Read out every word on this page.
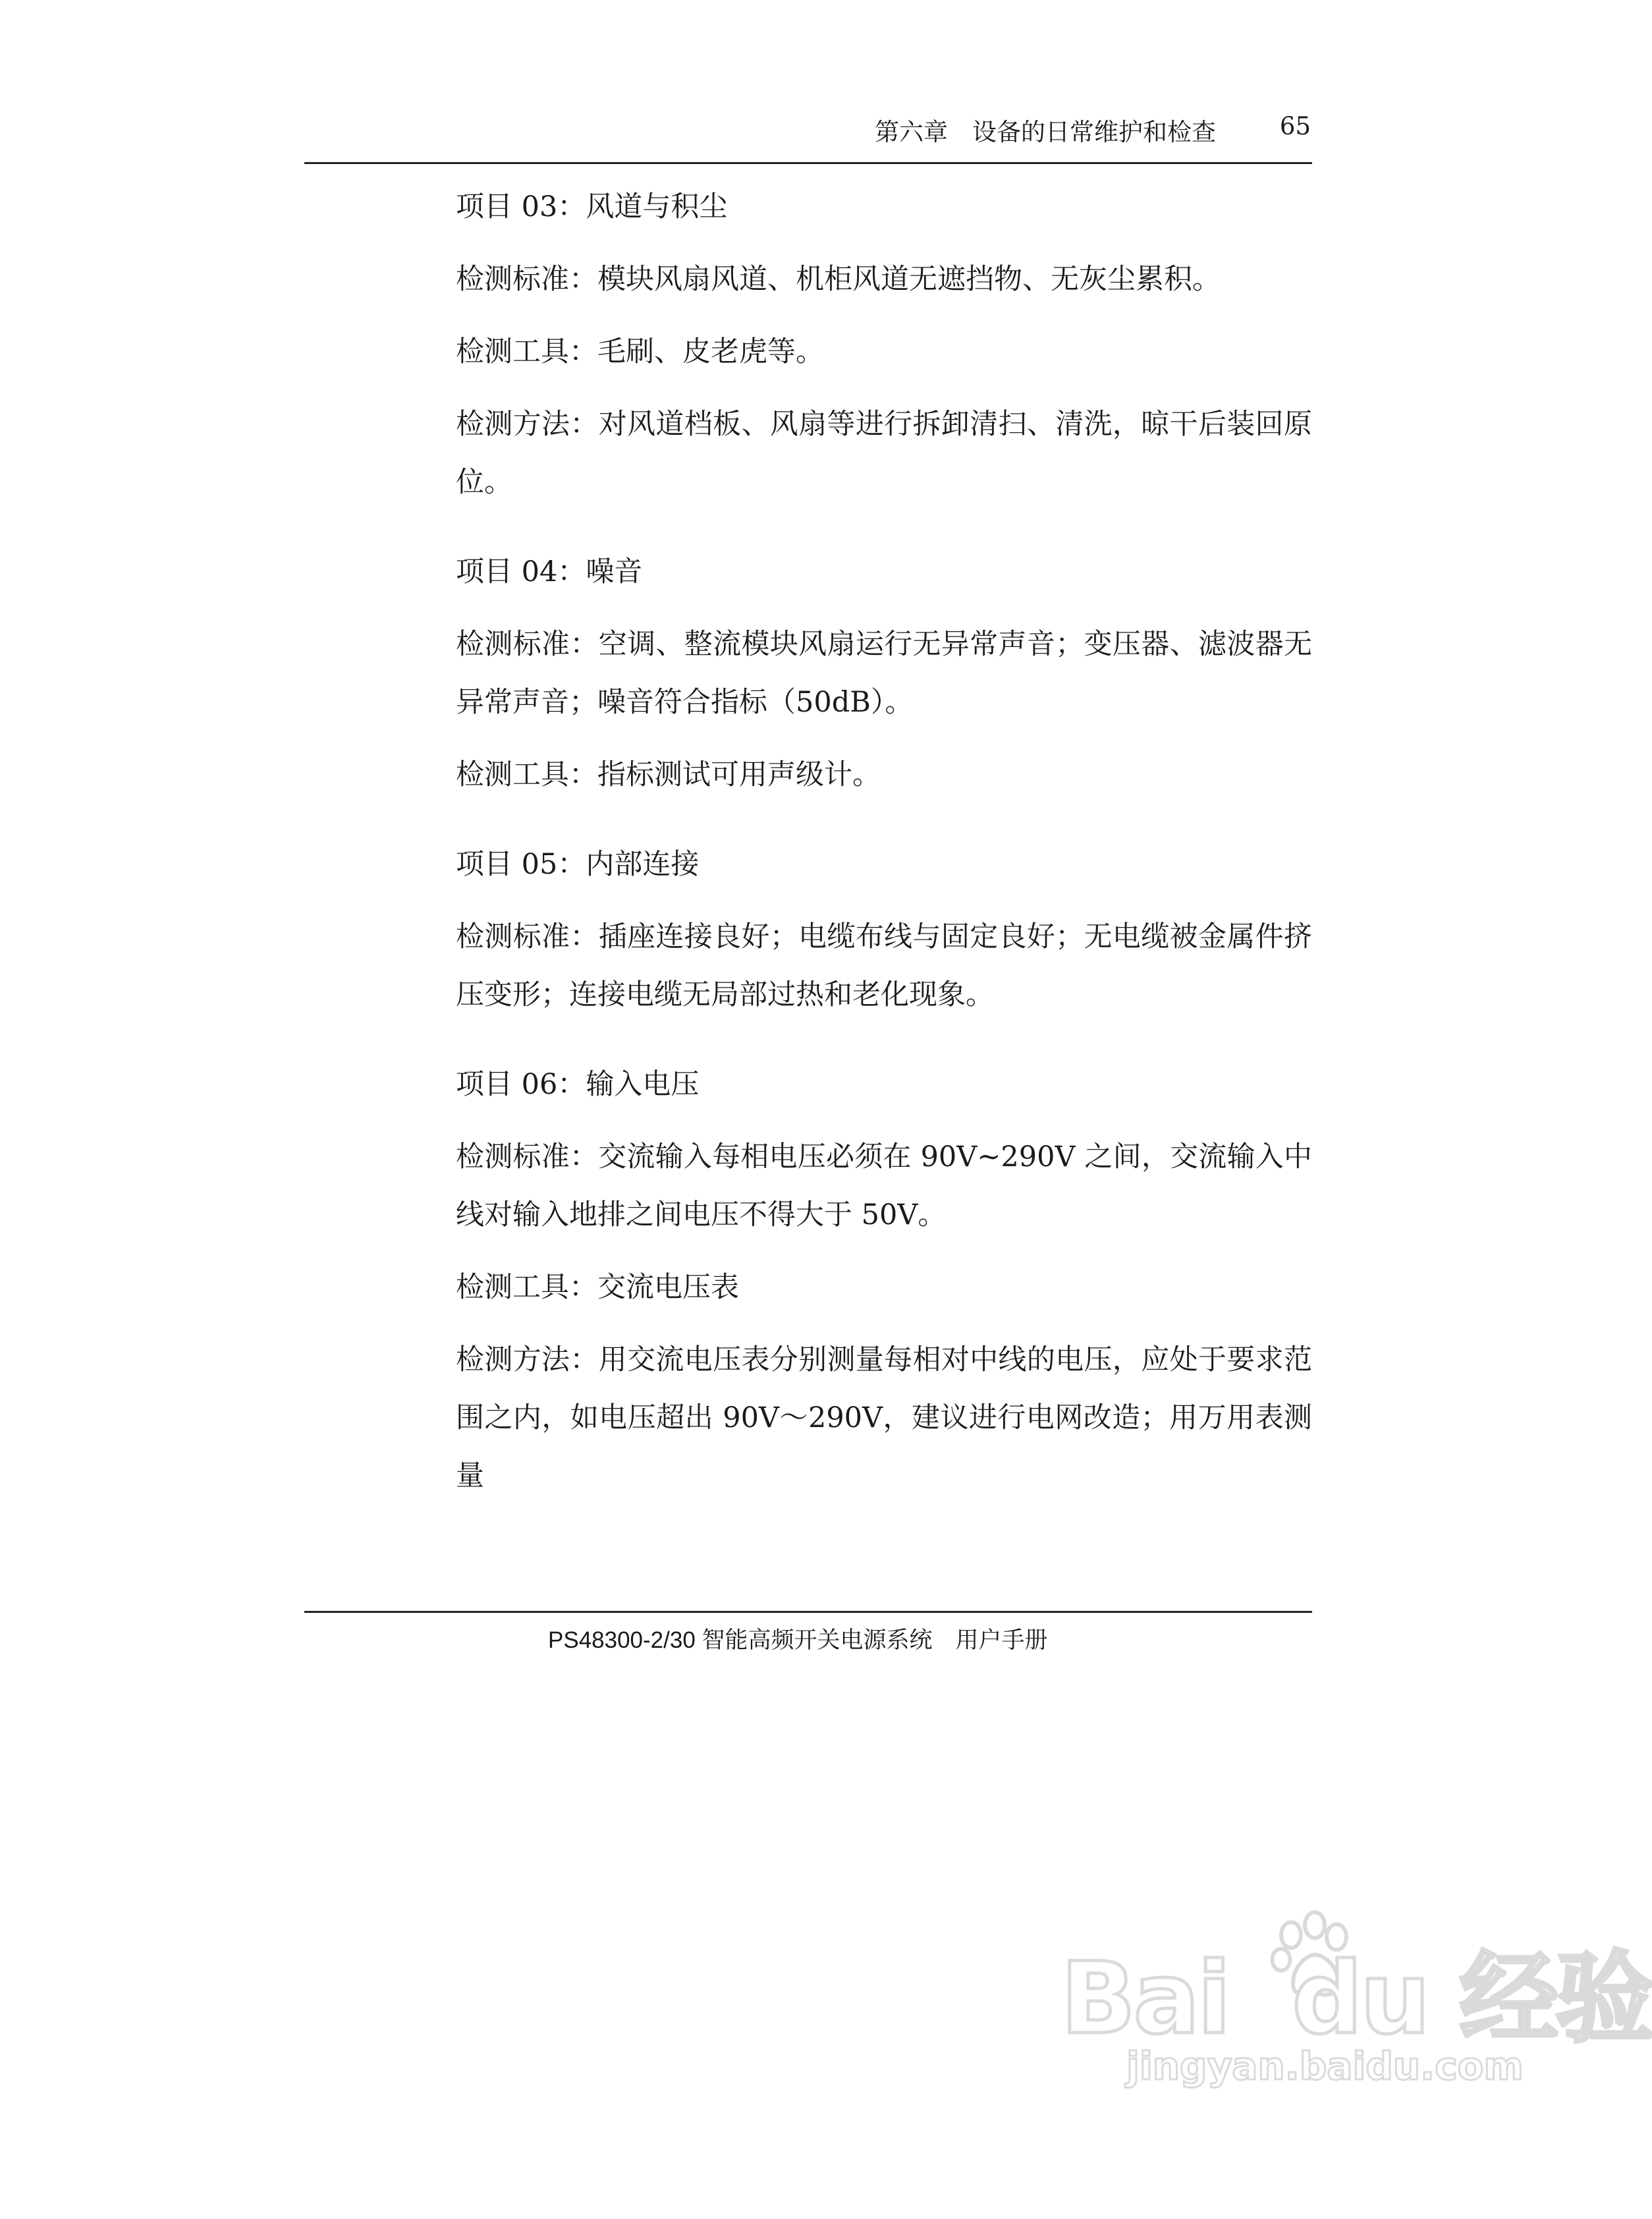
第六章　设备的日常维护和检查	65

项目 03：风道与积尘

检测标准：模块风扇风道、机柜风道无遮挡物、无灰尘累积。

检测工具：毛刷、皮老虎等。

检测方法：对风道档板、风扇等进行拆卸清扫、清洗，晾干后装回原位。

项目 04：噪音

检测标准：空调、整流模块风扇运行无异常声音；变压器、滤波器无异常声音；噪音符合指标（50dB）。

检测工具：指标测试可用声级计。

项目 05：内部连接

检测标准：插座连接良好；电缆布线与固定良好；无电缆被金属件挤压变形；连接电缆无局部过热和老化现象。

项目 06：输入电压

检测标准：交流输入每相电压必须在 90V~290V 之间，交流输入中线对输入地排之间电压不得大于 50V。

检测工具：交流电压表

检测方法：用交流电压表分别测量每相对中线的电压，应处于要求范围之内，如电压超出 90V～290V，建议进行电网改造；用万用表测量

PS48300-2/30 智能高频开关电源系统　用户手册
Bai  du 经验
jingyan.baidu.com
